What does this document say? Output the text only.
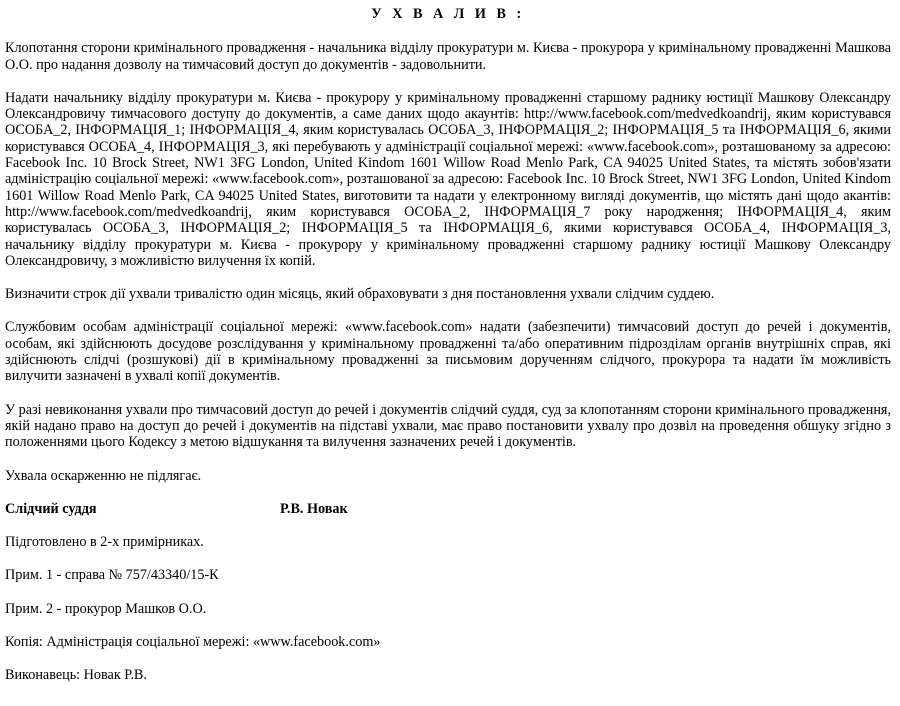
У Х В А Л И В :

Клопотання сторони кримінального провадження - начальника відділу прокуратури м. Києва - прокурора у кримінальному провадженні Машкова О.О. про надання дозволу на тимчасовий доступ до документів - задовольнити.

Надати начальнику відділу прокуратури м. Києва - прокурору у кримінальному провадженні старшому раднику юстиції Машкову Олександру Олександровичу тимчасового доступу до документів, а саме даних щодо акаунтів: http://www.facebook.com/medvedkoandrij, яким користувався ОСОБА_2, ІНФОРМАЦІЯ_1; ІНФОРМАЦІЯ_4, яким користувалась ОСОБА_3, ІНФОРМАЦІЯ_2; ІНФОРМАЦІЯ_5 та ІНФОРМАЦІЯ_6, якими користувався ОСОБА_4, ІНФОРМАЦІЯ_3, які перебувають у адміністрації соціальної мережі: «www.facebook.com», розташованому за адресою: Facebook Inc. 10 Brock Street, NW1 3FG London, United Kindom 1601 Willow Road Menlo Park, CA 94025 United States, та містять зобов'язати адміністрацію соціальної мережі: «www.facebook.com», розташованої за адресою: Facebook Inc. 10 Brock Street, NW1 3FG London, United Kindom 1601 Willow Road Menlo Park, CA 94025 United States, виготовити та надати у електронному вигляді документів, що містять дані щодо акантів: http://www.facebook.com/medvedkoandrij, яким користувався ОСОБА_2, ІНФОРМАЦІЯ_7 року народження; ІНФОРМАЦІЯ_4, яким користувалась ОСОБА_3, ІНФОРМАЦІЯ_2; ІНФОРМАЦІЯ_5 та ІНФОРМАЦІЯ_6, якими користувався ОСОБА_4, ІНФОРМАЦІЯ_3, начальнику відділу прокуратури м. Києва - прокурору у кримінальному провадженні старшому раднику юстиції Машкову Олександру Олександровичу, з можливістю вилучення їх копій.

Визначити строк дії ухвали тривалістю один місяць, який обраховувати з дня постановлення ухвали слідчим суддею.

Службовим особам адміністрації соціальної мережі: «www.facebook.com» надати (забезпечити) тимчасовий доступ до речей і документів, особам, які здійснюють досудове розслідування у кримінальному провадженні та/або оперативним підрозділам органів внутрішніх справ, які здійснюють слідчі (розшукові) дії в кримінальному провадженні за письмовим дорученням слідчого, прокурора та надати їм можливість вилучити зазначені в ухвалі копії документів.

У разі невиконання ухвали про тимчасовий доступ до речей і документів слідчий суддя, суд за клопотанням сторони кримінального провадження, якій надано право на доступ до речей і документів на підставі ухвали, має право постановити ухвалу про дозвіл на проведення обшуку згідно з положеннями цього Кодексу з метою відшукання та вилучення зазначених речей і документів.

Ухвала оскарженню не підлягає.

Слідчий суддя	Р.В. Новак

Підготовлено в 2-х примірниках.

Прим. 1 - справа № 757/43340/15-К

Прим. 2 - прокурор Машков О.О.

Копія: Адміністрація соціальної мережі: «www.facebook.com»

Виконавець: Новак Р.В.
